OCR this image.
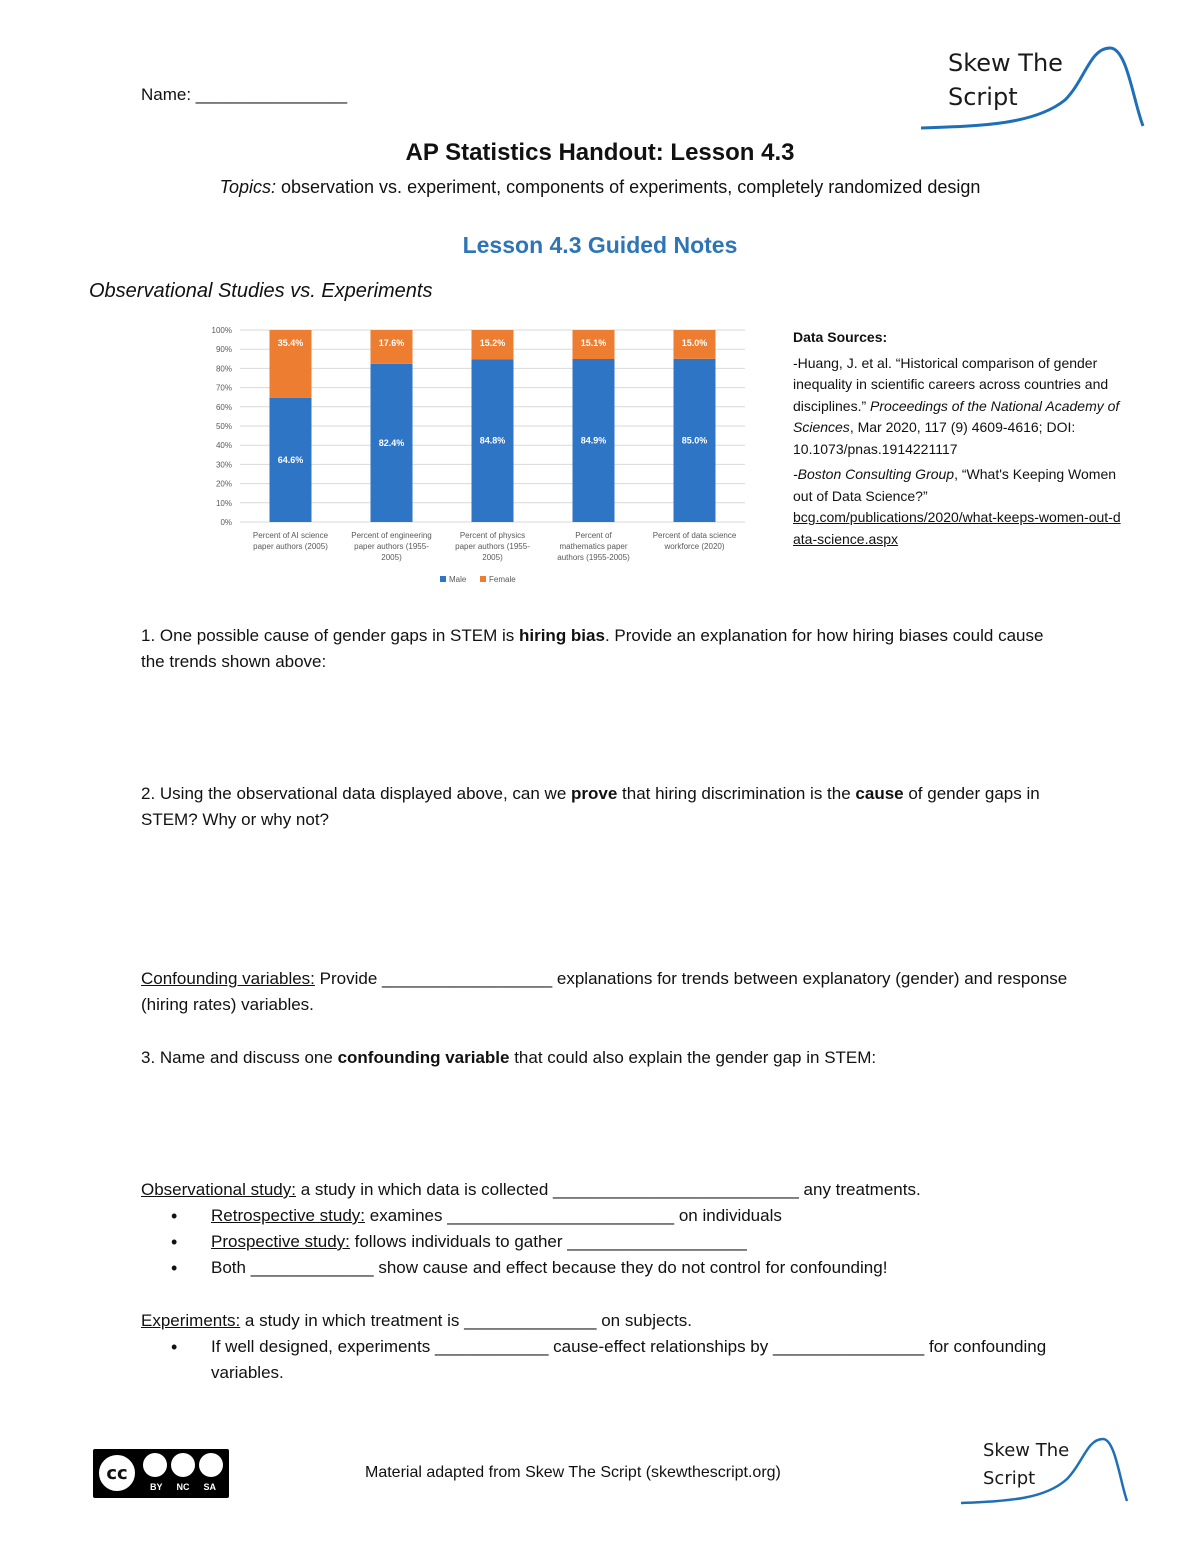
Name: ________________
Skew The
Script
AP Statistics Handout: Lesson 4.3
Topics: observation vs. experiment, components of experiments, completely randomized design
Lesson 4.3 Guided Notes
Observational Studies vs. Experiments
0%
10%
20%
30%
40%
50%
60%
70%
80%
90%
100%
64.6%
35.4%
Percent of AI science
paper authors (2005)
82.4%
17.6%
Percent of engineering
paper authors (1955-
2005)
84.8%
15.2%
Percent of physics
paper authors (1955-
2005)
84.9%
15.1%
Percent of
mathematics paper
authors (1955-2005)
85.0%
15.0%
Percent of data science
workforce (2020)
Male	Female
Data Sources:
-Huang, J. et al. “Historical comparison of gender inequality in scientific careers across countries and disciplines.” Proceedings of the National Academy of Sciences, Mar 2020, 117 (9) 4609-4616; DOI: 10.1073/pnas.1914221117
-Boston Consulting Group, “What's Keeping Women out of Data Science?”
bcg.com/publications/2020/what-keeps-women-out-data-science.aspx
1. One possible cause of gender gaps in STEM is hiring bias. Provide an explanation for how hiring biases could cause the trends shown above:
2. Using the observational data displayed above, can we prove that hiring discrimination is the cause of gender gaps in STEM? Why or why not?
Confounding variables: Provide __________________ explanations for trends between explanatory (gender) and response (hiring rates) variables.
3. Name and discuss one confounding variable that could also explain the gender gap in STEM:
Observational study: a study in which data is collected __________________________ any treatments.
• Retrospective study: examines ________________________ on individuals
• Prospective study: follows individuals to gather ___________________
• Both _____________ show cause and effect because they do not control for confounding!
Experiments: a study in which treatment is ______________ on subjects.
• If well designed, experiments ____________ cause-effect relationships by ________________ for confounding variables.
cc
BY NC SA
Material adapted from Skew The Script (skewthescript.org)
Skew The
Script
